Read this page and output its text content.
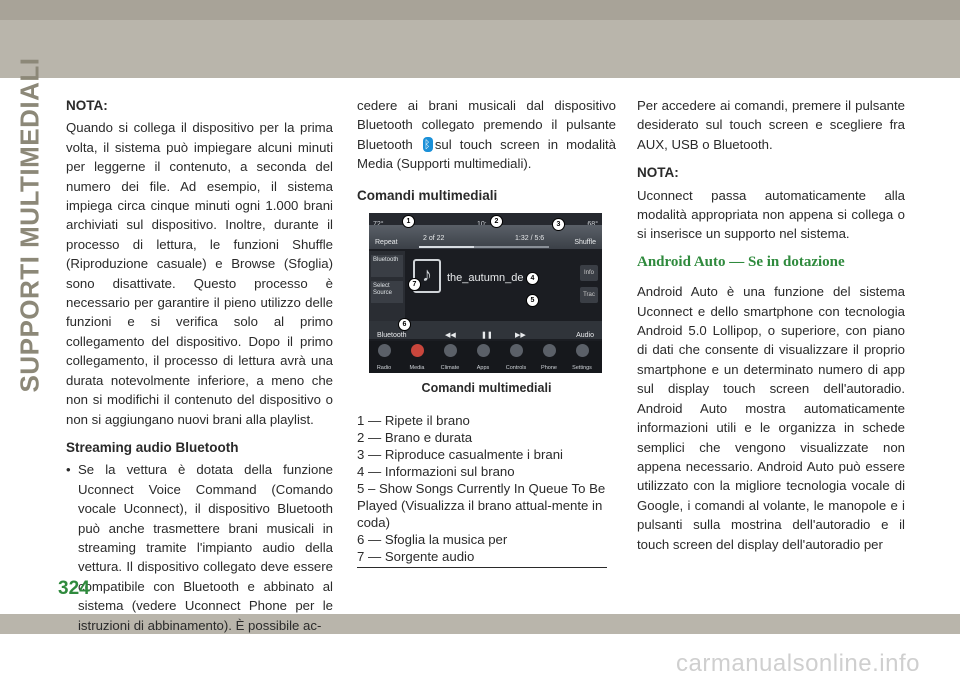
SUPPORTI MULTIMEDIALI NOTA:

Quando si collega il dispositivo per la prima volta, il sistema può impiegare alcuni minuti per leggerne il contenuto, a seconda del numero dei file. Ad esempio, il sistema impiega circa cinque minuti ogni 1.000 brani archiviati sul dispositivo. Inoltre, durante il processo di lettura, le funzioni Shuffle (Riproduzione casuale) e Browse (Sfoglia) sono disattivate. Questo processo è necessario per garantire il pieno utilizzo delle funzioni e si verifica solo al primo collegamento del dispositivo. Dopo il primo collegamento, il processo di lettura avrà una durata notevolmente inferiore, a meno che non si modifichi il contenuto del dispositivo o non si aggiungano nuovi brani alla playlist.

Streaming audio Bluetooth
• Se la vettura è dotata della funzione Uconnect Voice Command (Comando vocale Uconnect), il dispositivo Bluetooth può anche trasmettere brani musicali in streaming tramite l'impianto audio della vettura. Il dispositivo collegato deve essere compatibile con Bluetooth e abbinato al sistema (vedere Uconnect Phone per le istruzioni di abbinamento). È possibile ac-

cedere ai brani musicali dal dispositivo Bluetooth collegato premendo il pulsante Bluetooth ᛒ sul touch screen in modalità Media (Supporti multimediali).

Comandi multimediali
Repeat
2 of 22	1:32 / 5:6
Shuffle
Bluetooth
Select Source
♪	the_autumn_de	Info
Trac
Bluetooth	◀◀	❚❚	▶▶	Audio
Radio	Media	Climate	Apps	Controls	Phone	Settings
1	2	3
4
5
6
7
Comandi multimediali
1 — Ripete il brano
2 — Brano e durata
3 — Riproduce casualmente i brani
4 — Informazioni sul brano
5 – Show Songs Currently In Queue To Be Played (Visualizza il brano attual-mente in coda)
6 — Sfoglia la musica per
7 — Sorgente audio

Per accedere ai comandi, premere il pulsante desiderato sul touch screen e scegliere fra AUX, USB o Bluetooth.

NOTA:

Uconnect passa automaticamente alla modalità appropriata non appena si collega o si inserisce un supporto nel sistema.

Android Auto — Se in dotazione

Android Auto è una funzione del sistema Uconnect e dello smartphone con tecnologia Android 5.0 Lollipop, o superiore, con piano di dati che consente di visualizzare il proprio smartphone e un determinato numero di app sul display touch screen dell'autoradio. Android Auto mostra automaticamente informazioni utili e le organizza in schede semplici che vengono visualizzate non appena necessario. Android Auto può essere utilizzato con la migliore tecnologia vocale di Google, i comandi al volante, le manopole e i pulsanti sulla mostrina dell'autoradio e il touch screen del display dell'autoradio per

324
carmanualsonline.info
